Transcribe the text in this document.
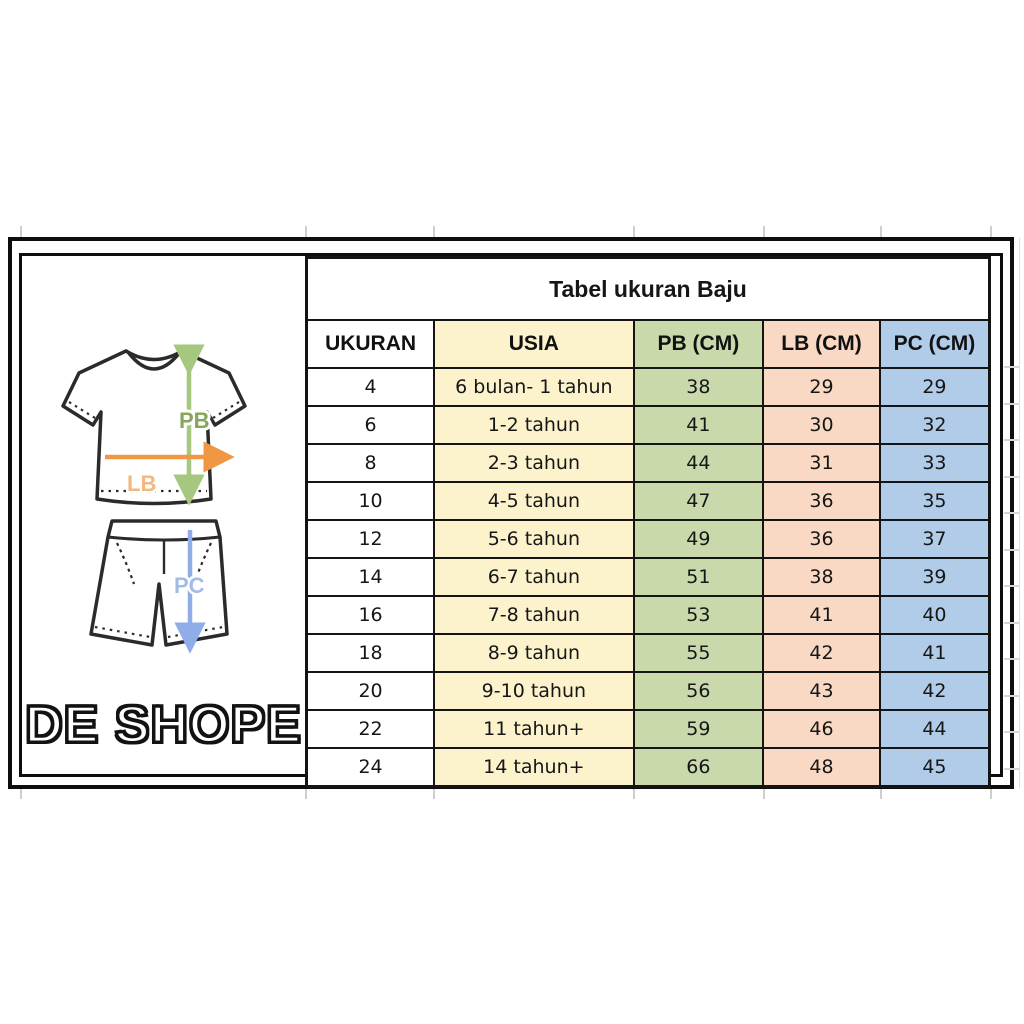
PB
LB
PC
DE SHOPE
Tabel ukuran Baju				
UKURAN	USIA	PB (CM)	LB (CM)	PC (CM)
4	6 bulan- 1 tahun	38	29	29
6	1-2 tahun	41	30	32
8	2-3 tahun	44	31	33
10	4-5 tahun	47	36	35
12	5-6 tahun	49	36	37
14	6-7 tahun	51	38	39
16	7-8 tahun	53	41	40
18	8-9 tahun	55	42	41
20	9-10 tahun	56	43	42
22	11 tahun+	59	46	44
24	14 tahun+	66	48	45
